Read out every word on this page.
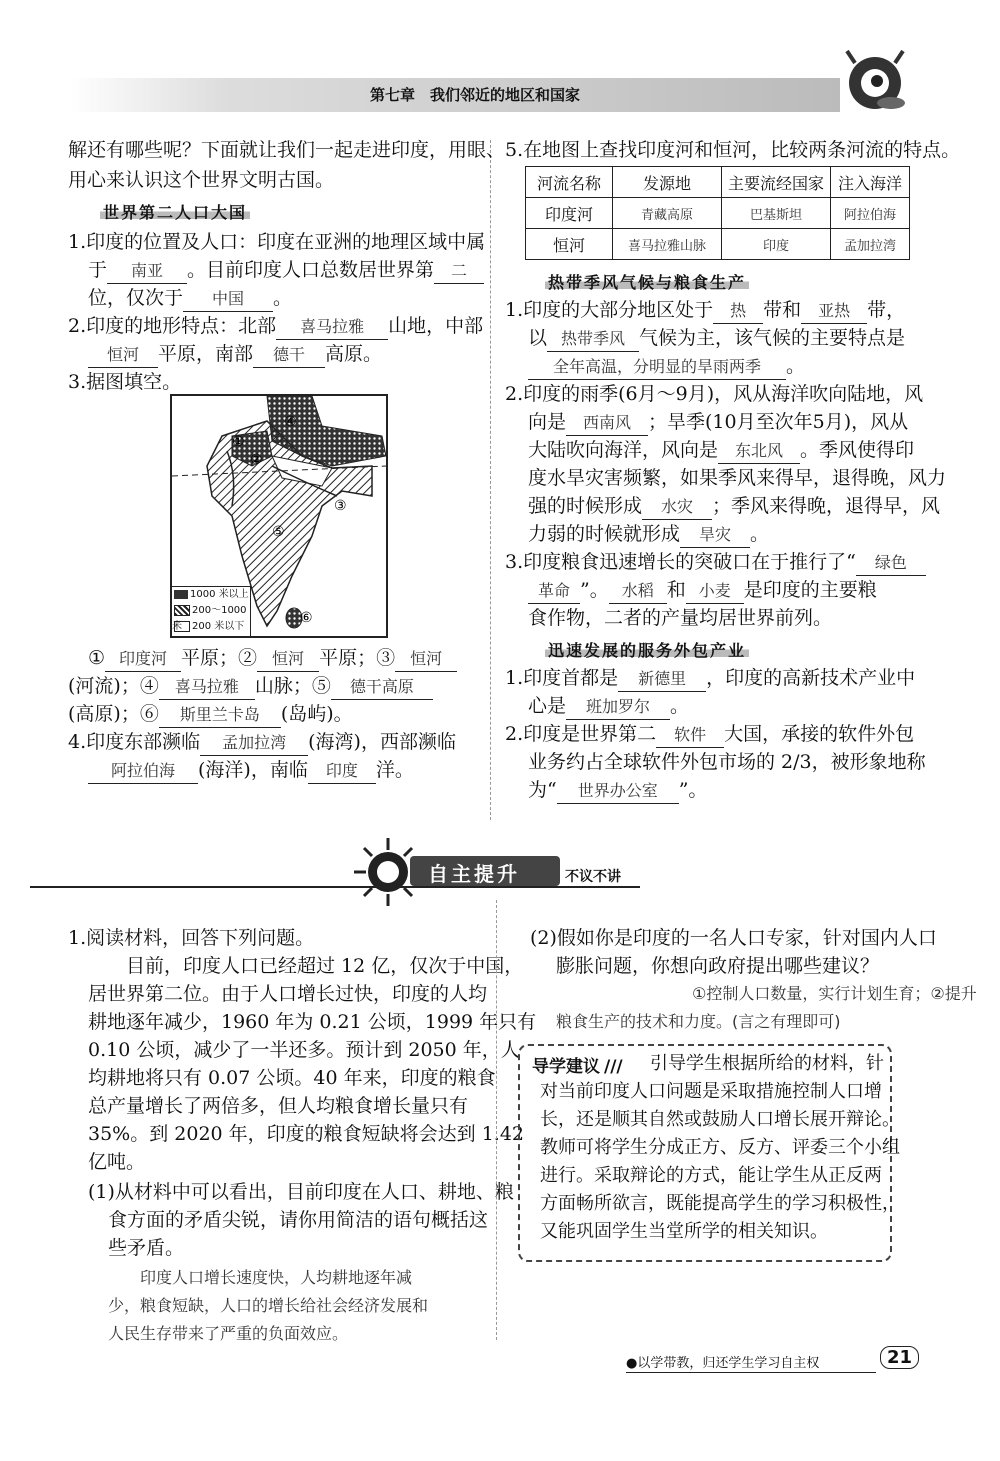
第七章　我们邻近的地区和国家
解还有哪些呢？下面就让我们一起走进印度，用眼、
用心来认识这个世界文明古国。
世界第二人口大国
1.印度的位置及人口：印度在亚洲的地理区域中属
于 南亚 。目前印度人口总数居世界第 二
位，仅次于 中国 。
2.印度的地形特点：北部 喜马拉雅 山地，中部
恒河 平原，南部 德干 高原。
3.据图填空。
①
②
③
④
⑤
⑥
1000 米以上
200～1000 米	200 米以下
① 印度河 平原；② 恒河 平原；③ 恒河
(河流)；④ 喜马拉雅 山脉；⑤ 德干高原
(高原)；⑥ 斯里兰卡岛 (岛屿)。
4.印度东部濒临 孟加拉湾 (海湾)，西部濒临
阿拉伯海 (海洋)，南临 印度 洋。
5.在地图上查找印度河和恒河，比较两条河流的特点。
河流名称	发源地	主要流经国家	注入海洋
印度河	青藏高原	巴基斯坦	阿拉伯海
恒河	喜马拉雅山脉	印度	孟加拉湾
热带季风气候与粮食生产
1.印度的大部分地区处于 热 带和 亚热 带，
以 热带季风 气候为主，该气候的主要特点是
全年高温，分明显的旱雨两季 。
2.印度的雨季(6月～9月)，风从海洋吹向陆地，风
向是 西南风 ；旱季(10月至次年5月)，风从
大陆吹向海洋，风向是 东北风 。季风使得印
度水旱灾害频繁，如果季风来得早，退得晚，风力
强的时候形成 水灾 ；季风来得晚，退得早，风
力弱的时候就形成 旱灾 。
3.印度粮食迅速增长的突破口在于推行了“ 绿色
革命 ”。 水稻 和 小麦 是印度的主要粮
食作物，二者的产量均居世界前列。
迅速发展的服务外包产业
1.印度首都是 新德里 ，印度的高新技术产业中
心是 班加罗尔 。
2.印度是世界第二 软件 大国，承接的软件外包
业务约占全球软件外包市场的 2/3，被形象地称
为“ 世界办公室 ”。
自主提升	不议不讲
1.阅读材料，回答下列问题。
　　目前，印度人口已经超过 12 亿，仅次于中国，
居世界第二位。由于人口增长过快，印度的人均
耕地逐年减少，1960 年为 0.21 公顷，1999 年只有
0.10 公顷，减少了一半还多。预计到 2050 年，人
均耕地将只有 0.07 公顷。40 年来，印度的粮食
总产量增长了两倍多，但人均粮食增长量只有
35%。到 2020 年，印度的粮食短缺将会达到 1.42
亿吨。
(1)从材料中可以看出，目前印度在人口、耕地、粮
食方面的矛盾尖锐，请你用简洁的语句概括这
些矛盾。
　　印度人口增长速度快，人均耕地逐年减
少，粮食短缺，人口的增长给社会经济发展和
人民生存带来了严重的负面效应。
(2)假如你是印度的一名人口专家，针对国内人口
膨胀问题，你想向政府提出哪些建议？
①控制人口数量，实行计划生育；②提升
粮食生产的技术和力度。(言之有理即可)
导学建议 /// 引导学生根据所给的材料，针
对当前印度人口问题是采取措施控制人口增
长，还是顺其自然或鼓励人口增长展开辩论。
教师可将学生分成正方、反方、评委三个小组
进行。采取辩论的方式，能让学生从正反两
方面畅所欲言，既能提高学生的学习积极性，
又能巩固学生当堂所学的相关知识。
●以学带教，归还学生学习自主权	21
